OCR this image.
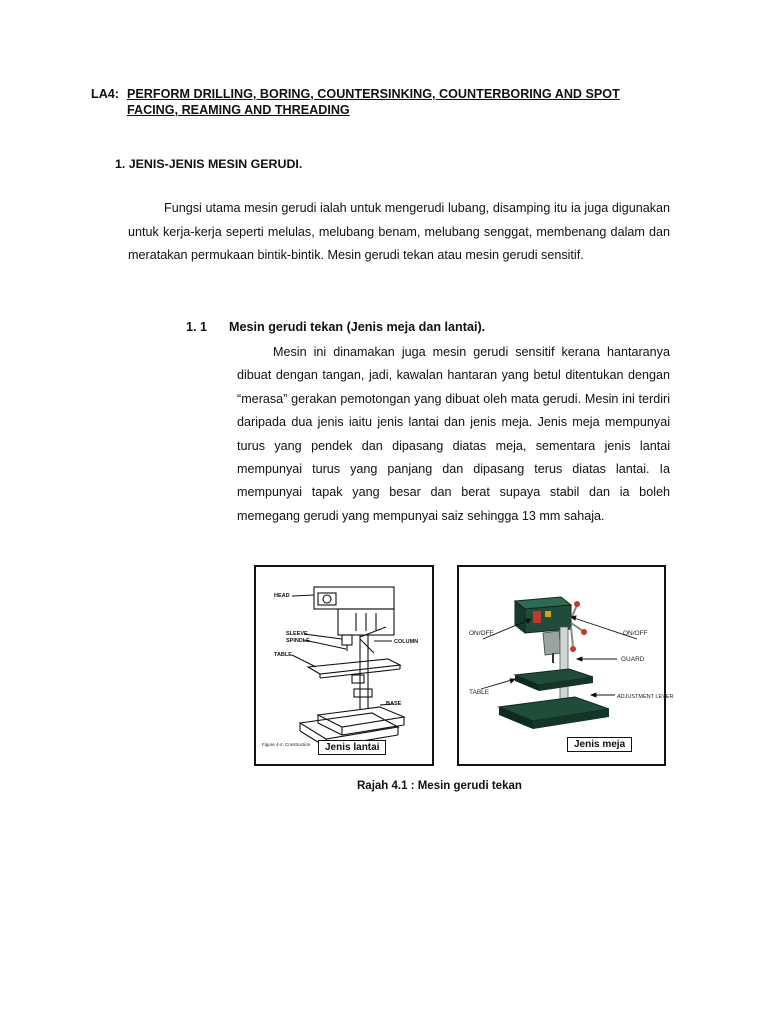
LA4: PERFORM DRILLING, BORING, COUNTERSINKING, COUNTERBORING AND SPOT
FACING, REAMING AND THREADING
1. JENIS-JENIS MESIN GERUDI.
Fungsi utama mesin gerudi ialah untuk mengerudi lubang, disamping itu ia juga digunakan untuk kerja-kerja seperti melulas, melubang benam, melubang senggat, membenang dalam dan meratakan permukaan bintik-bintik. Mesin gerudi tekan atau mesin gerudi sensitif.
1. 1 Mesin gerudi tekan (Jenis meja dan lantai).
Mesin ini dinamakan juga mesin gerudi sensitif kerana hantaranya dibuat dengan tangan, jadi, kawalan hantaran yang betul ditentukan dengan “merasa” gerakan pemotongan yang dibuat oleh mata gerudi. Mesin ini terdiri daripada dua jenis iaitu jenis lantai dan jenis meja. Jenis meja mempunyai turus yang pendek dan dipasang diatas meja, sementara jenis lantai mempunyai turus yang panjang dan dipasang terus diatas lantai. Ia mempunyai tapak yang besar dan berat supaya stabil dan ia boleh memegang gerudi yang mempunyai saiz sehingga 13 mm sahaja.
HEAD
SLEEVE
SPINDLE	COLUMN
TABLE
BASE
Figure 4-4. Construction	Jenis lantai
ON/OFF	ON/OFF
GUARD
TABLE
ADJUSTMENT LEVER
Jenis meja
Rajah 4.1 : Mesin gerudi tekan
